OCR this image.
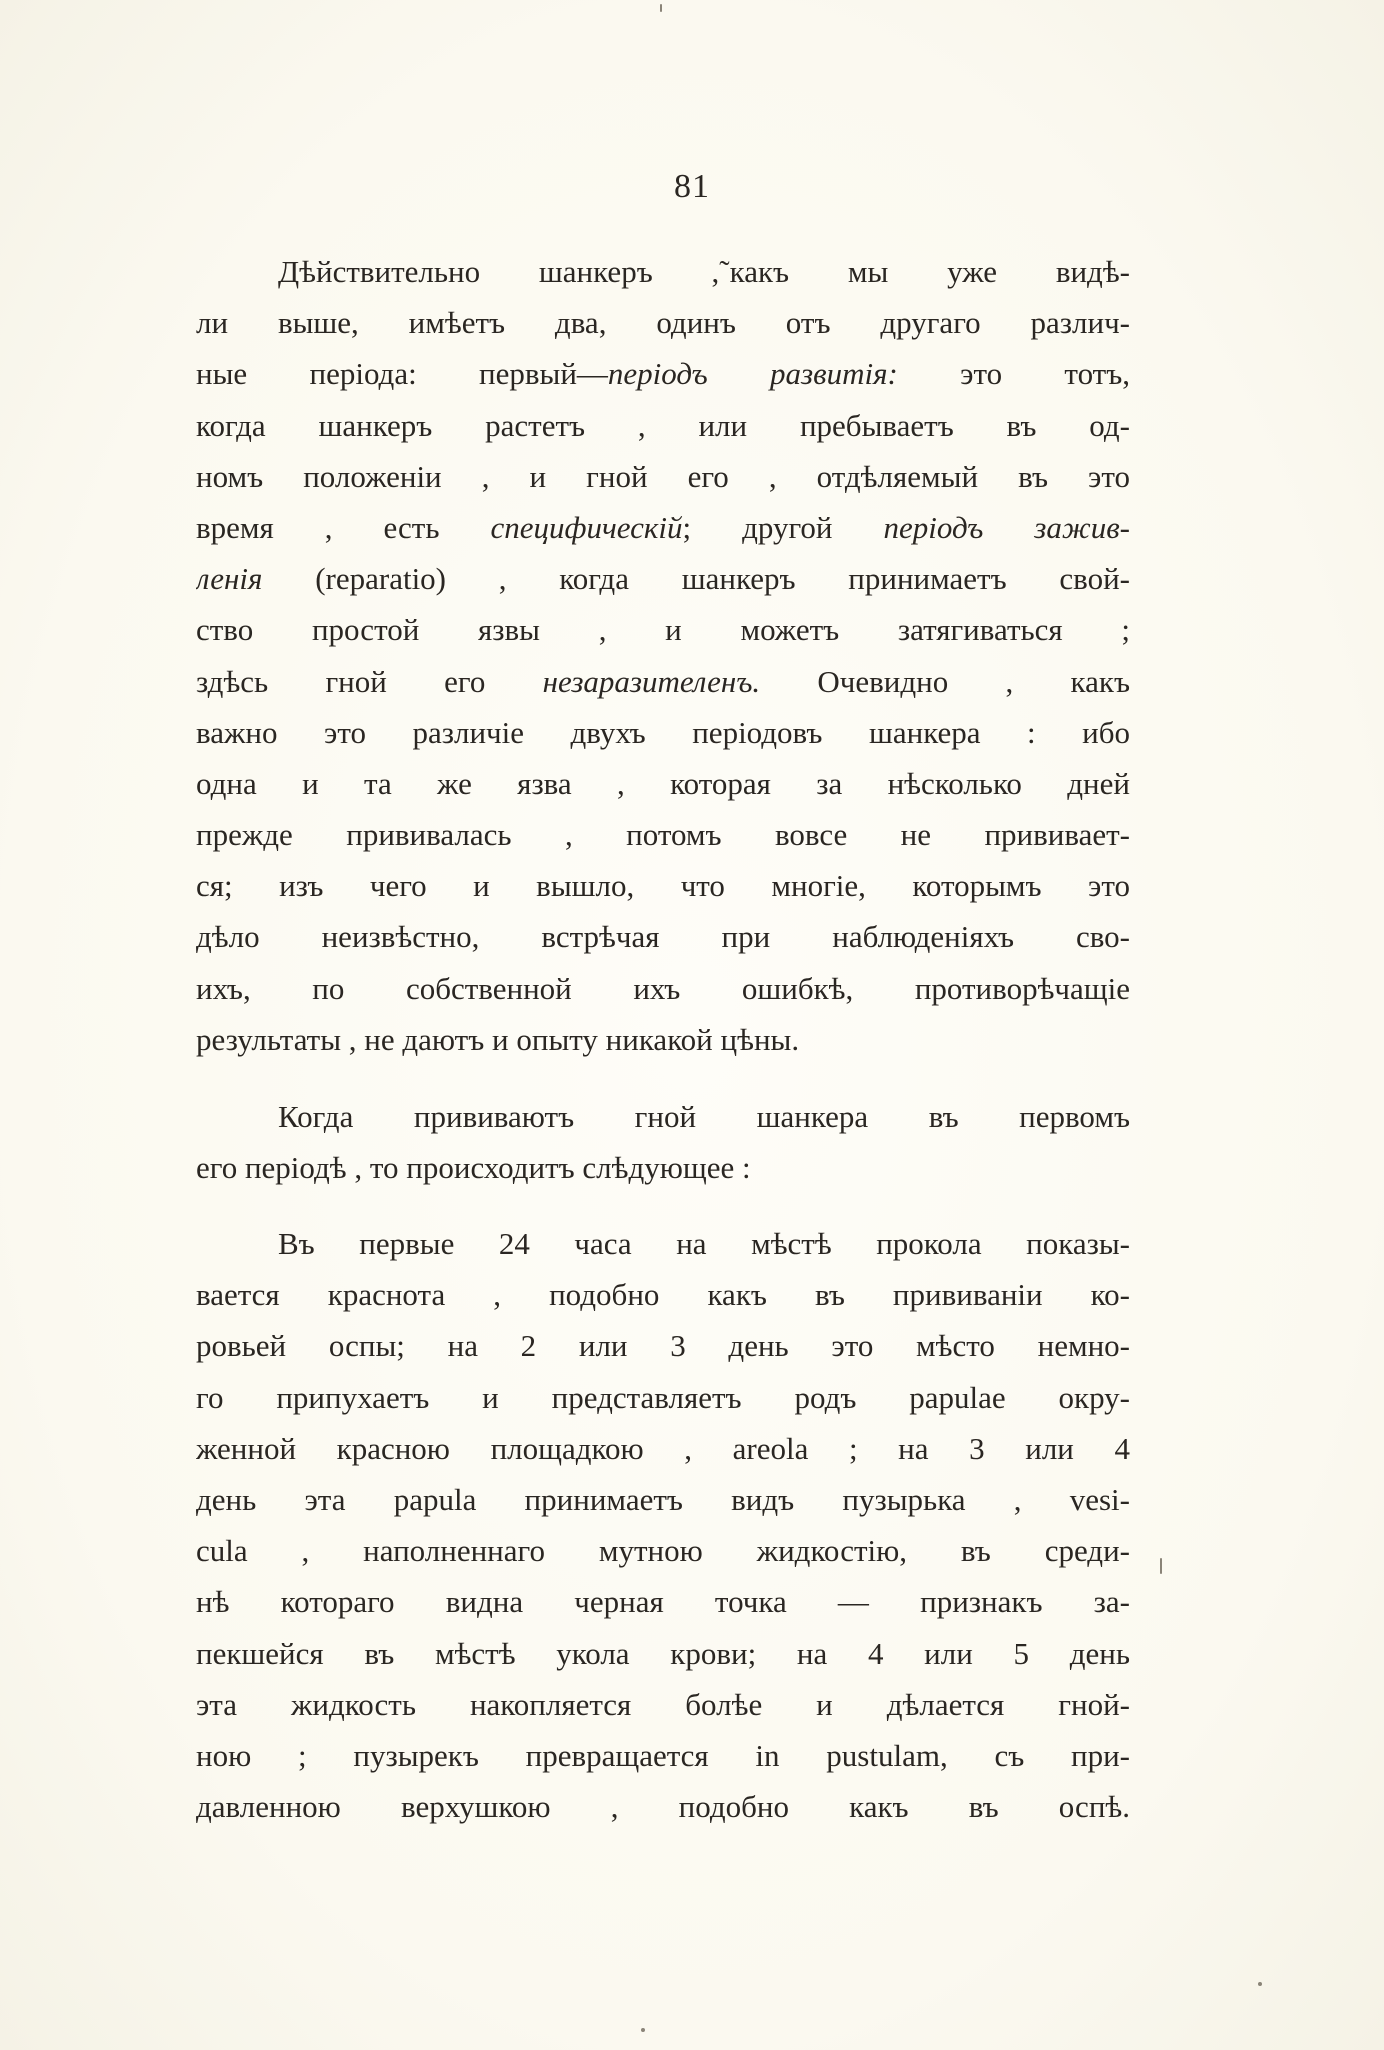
81
Дѣйствительно шанкеръ ,˜какъ мы уже видѣ-
ли выше, имѣетъ два, одинъ отъ другаго различ-
ные періода: первый—періодъ развитія: это тотъ,
когда шанкеръ растетъ , или пребываетъ въ од-
номъ положеніи , и гной его , отдѣляемый въ это
время , есть специфическій; другой періодъ зажив-
ленія (reparatio) , когда шанкеръ принимаетъ свой-
ство простой язвы , и можетъ затягиваться ;
здѣсь гной его незаразителенъ. Очевидно , какъ
важно это различіе двухъ періодовъ шанкера : ибо
одна и та же язва , которая за нѣсколько дней
прежде прививалась , потомъ вовсе не прививает-
ся; изъ чего и вышло, что многіе, которымъ это
дѣло неизвѣстно, встрѣчая при наблюденіяхъ сво-
ихъ, по собственной ихъ ошибкѣ, противорѣчащіе
результаты , не даютъ и опыту никакой цѣны.
Когда прививаютъ гной шанкера въ первомъ
его періодѣ , то происходитъ слѣдующее :
Въ первые 24 часа на мѣстѣ прокола показы-
вается краснота , подобно какъ въ прививаніи ко-
ровьей оспы; на 2 или 3 день это мѣсто немно-
го припухаетъ и представляетъ родъ papulae окру-
женной красною площадкою , areola ; на 3 или 4
день эта papula принимаетъ видъ пузырька , vesi-
cula , наполненнаго мутною жидкостію, въ среди-
нѣ котораго видна черная точка — признакъ за-
пекшейся въ мѣстѣ укола крови; на 4 или 5 день
эта жидкость накопляется болѣе и дѣлается гной-
ною ; пузырекъ превращается in pustulam, съ при-
давленною верхушкою , подобно какъ въ оспѣ.
